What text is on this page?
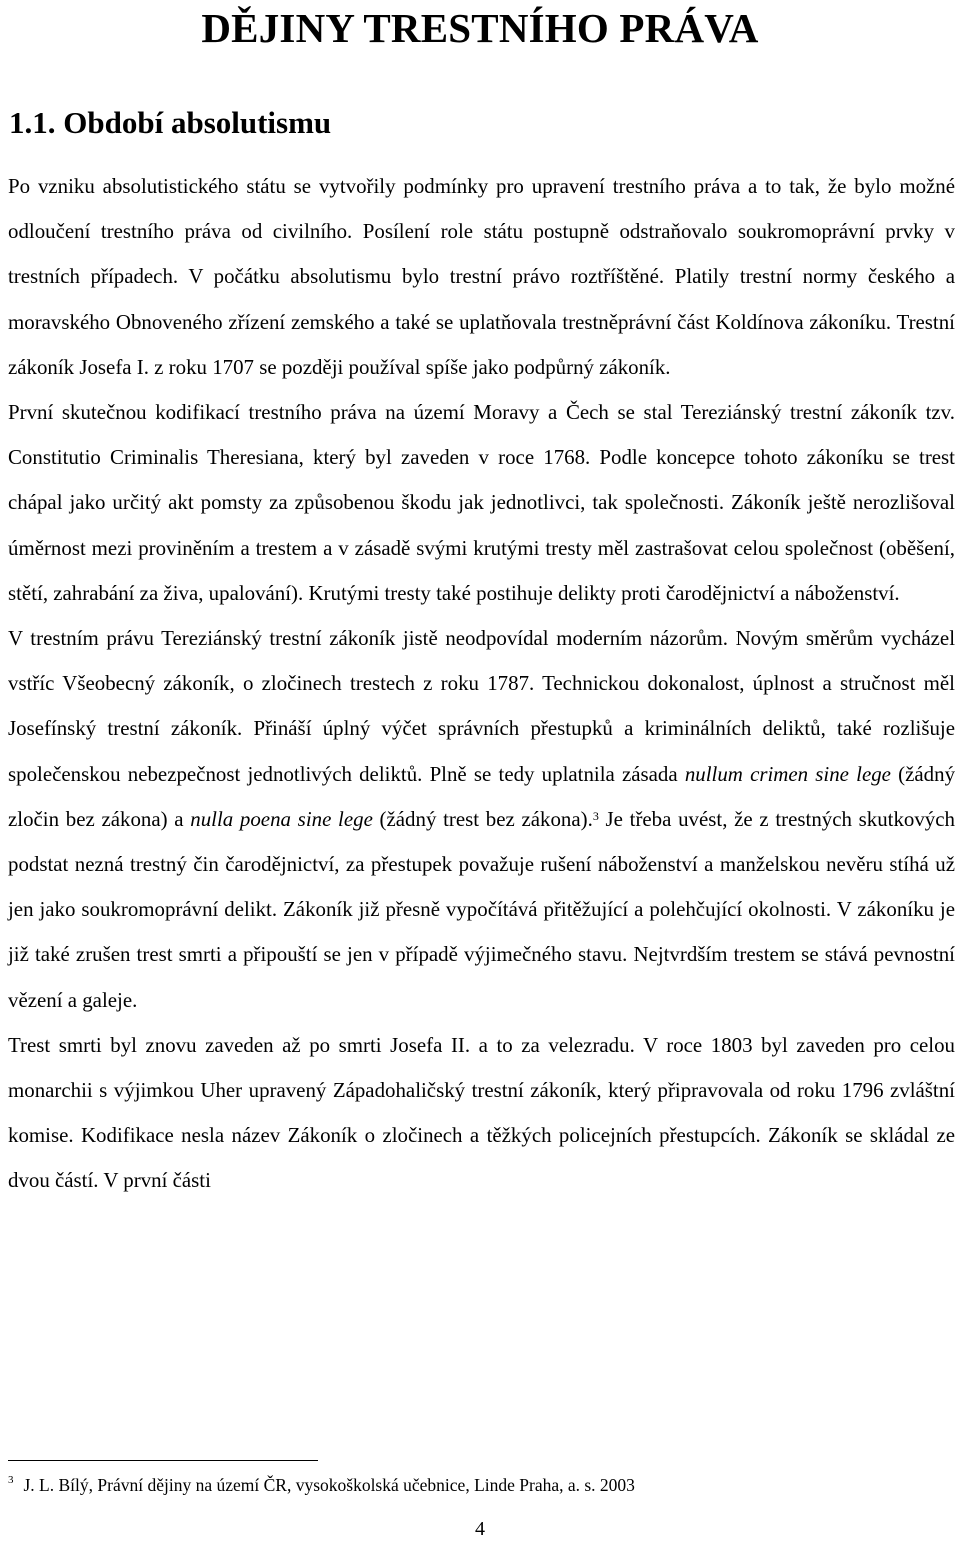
DĚJINY TRESTNÍHO PRÁVA
1.1. Období absolutismu

Po vzniku absolutistického státu se vytvořily podmínky pro upravení trestního práva a to tak, že bylo možné odloučení trestního práva od civilního. Posílení role státu postupně odstraňovalo soukromoprávní prvky v trestních případech. V počátku absolutismu bylo trestní právo roztříštěné. Platily trestní normy českého a moravského Obnoveného zřízení zemského a také se uplatňovala trestněprávní část Koldínova zákoníku. Trestní zákoník Josefa I. z roku 1707 se později používal spíše jako podpůrný zákoník.

První skutečnou kodifikací trestního práva na území Moravy a Čech se stal Tereziánský trestní zákoník tzv. Constitutio Criminalis Theresiana, který byl zaveden v roce 1768. Podle koncepce tohoto zákoníku se trest chápal jako určitý akt pomsty za způsobenou škodu jak jednotlivci, tak společnosti. Zákoník ještě nerozlišoval úměrnost mezi proviněním a trestem a v zásadě svými krutými tresty měl zastrašovat celou společnost (oběšení, stětí, zahrabání za živa, upalování). Krutými tresty také postihuje delikty proti čarodějnictví a náboženství.

V trestním právu Tereziánský trestní zákoník jistě neodpovídal moderním názorům. Novým směrům vycházel vstříc Všeobecný zákoník, o zločinech trestech z roku 1787. Technickou dokonalost, úplnost a stručnost měl Josefínský trestní zákoník. Přináší úplný výčet správních přestupků a kriminálních deliktů, také rozlišuje společenskou nebezpečnost jednotlivých deliktů. Plně se tedy uplatnila zásada nullum crimen sine lege (žádný zločin bez zákona) a nulla poena sine lege (žádný trest bez zákona).$^3$ Je třeba uvést, že z trestných skutkových podstat nezná trestný čin čarodějnictví, za přestupek považuje rušení náboženství a manželskou nevěru stíhá už jen jako soukromoprávní delikt. Zákoník již přesně vypočítává přitěžující a polehčující okolnosti. V zákoníku je již také zrušen trest smrti a připouští se jen v případě výjimečného stavu. Nejtvrdším trestem se stává pevnostní vězení a galeje.

Trest smrti byl znovu zaveden až po smrti Josefa II. a to za velezradu. V roce 1803 byl zaveden pro celou monarchii s výjimkou Uher upravený Západohaličský trestní zákoník, který připravovala od roku 1796 zvláštní komise. Kodifikace nesla název Zákoník o zločinech a těžkých policejních přestupcích. Zákoník se skládal ze dvou částí. V první části

$^3$ J. L. Bílý, Právní dějiny na území ČR, vysokoškolská učebnice, Linde Praha, a. s. 2003
4
